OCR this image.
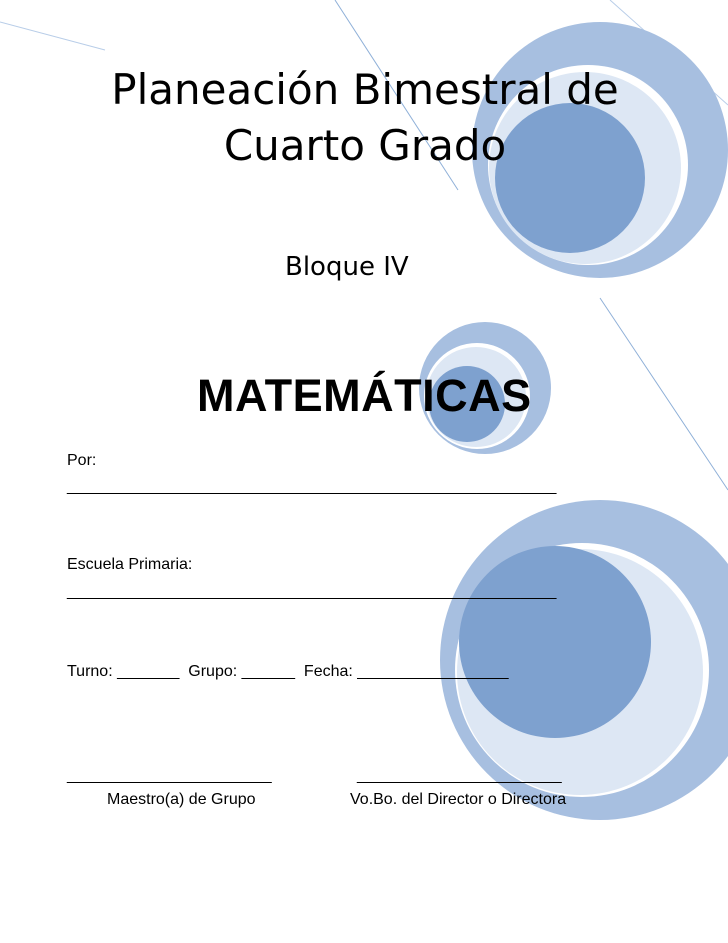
Planeación Bimestral de Cuarto Grado
Bloque IV
MATEMÁTICAS
Por:
_______________________________________________________
Escuela Primaria:
_______________________________________________________
Turno: _______  Grupo: ______  Fecha: _________________
_______________________	_______________________
Maestro(a) de Grupo	Vo.Bo. del Director o Directora
